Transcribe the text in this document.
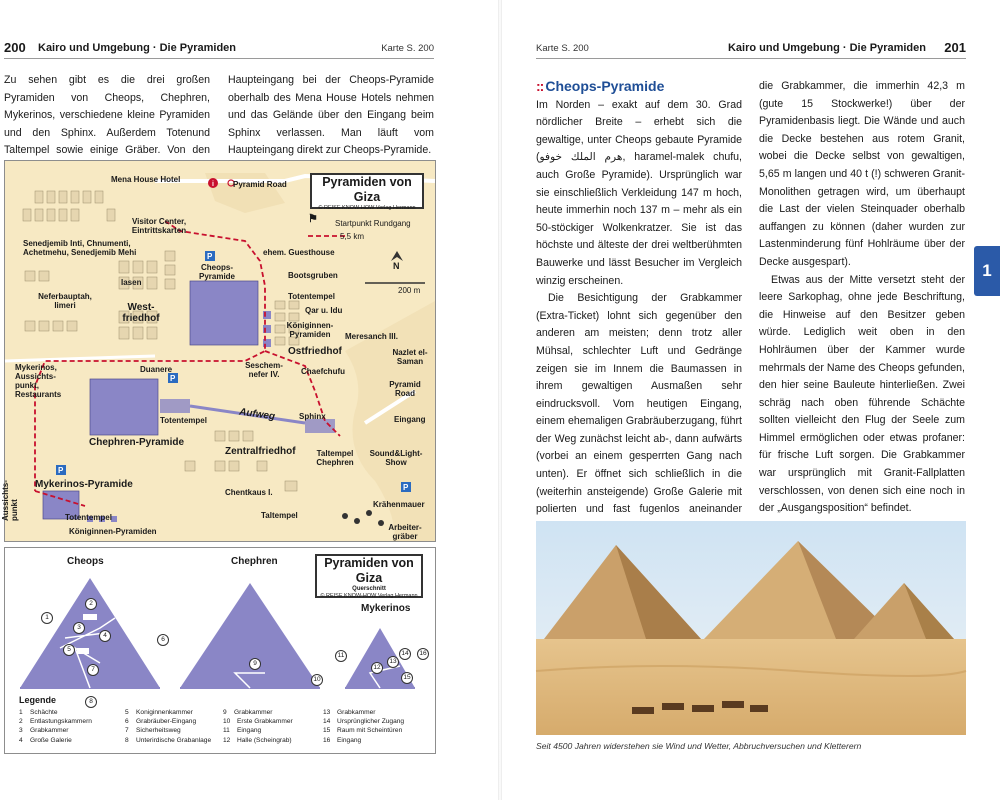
200 Kairo und Umgebung · Die Pyramiden	Karte S. 200

Zu sehen gibt es die drei großen Pyramiden von Cheops, Chephren, Mykerinos, verschiedene kleine Pyramiden und den Sphinx. Außerdem Totenund Taltempel sowie einige Gräber. Von den

Haupteingang bei der Cheops-Pyramide oberhalb des Mena House Hotels nehmen und das Gelände über den Eingang beim Sphinx verlassen. Man läuft vom Haupteingang direkt zur Cheops-Pyramide.

i	Pyramiden von Giza
© REISE KNOW-HOW Verlag Hermann
Startpunkt Rundgang
⚑
5,5 km
N
200 m
Mena House Hotel
Pyramid Road
Visitor Center, Eintrittskarten
Senedjemib Inti, Chnumenti, Achetmehu, Senedjemib Mehi	ehem. Guesthouse
Cheops-Pyramide
Iasen
Bootsgruben
Neferbauptah, Iimeri	West-friedhof
Totentempel
Qar u. Idu
Königinnen-Pyramiden
Ostfriedhof
Meresanch III.
Duanere
Nazlet el-Saman
Mykerinos, Aussichts-punkt, Restaurants
Seschem-nefer IV.	Chaefchufu
Pyramid Road
Aufweg	Sphinx	Eingang
Totentempel
Chephren-Pyramide
Zentralfriedhof	Taltempel Chephren
Sound&Light-Show
Mykerinos-Pyramide
Chentkaus I.
Krähenmauer
Aussichts-punkt	Totentempel	Taltempel
Arbeiter-gräber
Königinnen-Pyramiden
P
P
P
P
Cheops	Chephren
Mykerinos
Pyramiden von Giza
Querschnitt
© REISE KNOW-HOW Verlag Hermann
1
2
3
4
5
6
7
8
9
10
11
12
13
14
15
16
Legende
1	Schächte
2	Entlastungskammern
3	Grabkammer
4	Große Galerie
5	Koniginnenkammer
6	Grabräuber-Eingang
7	Sicherheitsweg
8	Unterirdische Grabanlage
9	Grabkammer
10	Erste Grabkammer
11	Eingang
12	Halle (Scheingrab)
13	Grabkammer
14	Ursprünglicher Zugang
15	Raum mit Scheintüren
16	Eingang
Karte S. 200	Kairo und Umgebung · Die Pyramiden 201

:: Cheops-Pyramide

Im Norden – exakt auf dem 30. Grad nördlicher Breite – erhebt sich die gewaltige, unter Cheops gebaute Pyramide (هرم الملك خوفو, haramel-malek chufu, auch Große Pyramide). Ursprünglich war sie einschließlich Verkleidung 147 m hoch, heute immerhin noch 137 m – mehr als ein 50-stöckiger Wolkenkratzer. Sie ist das höchste und älteste der drei weltberühmten Bauwerke und lässt Besucher im Vergleich winzig erscheinen.

Die Besichtigung der Grabkammer (Extra-Ticket) lohnt sich gegenüber den anderen am meisten; denn trotz aller Mühsal, schlechter Luft und Gedränge zeigen sie im Innem die Baumassen in ihrem gewaltigen Ausmaßen sehr eindrucksvoll. Vom heutigen Eingang, einem ehemaligen Grabräuberzugang, führt der Weg zunächst leicht ab-, dann aufwärts (vorbei an einem gesperrten Gang nach unten). Er öffnet sich schließlich in die (weiterhin ansteigende) Große Galerie mit polierten und fast fugenlos aneinander

die Grabkammer, die immerhin 42,3 m (gute 15 Stockwerke!) über der Pyramidenbasis liegt. Die Wände und auch die Decke bestehen aus rotem Granit, wobei die Decke selbst von gewaltigen, 5,65 m langen und 40 t (!) schweren Granit-Monolithen getragen wird, um überhaupt die Last der vielen Steinquader oberhalb auffangen zu können (daher wurden zur Lastenminderung fünf Hohlräume über der Decke ausgespart).

Etwas aus der Mitte versetzt steht der leere Sarkophag, ohne jede Beschriftung, die Hinweise auf den Besitzer geben würde. Lediglich weit oben in den Hohlräumen über der Kammer wurde mehrmals der Name des Cheops gefunden, den hier seine Bauleute hinterließen. Zwei schräg nach oben führende Schächte sollten vielleicht den Flug der Seele zum Himmel ermöglichen oder etwas profaner: für frische Luft sorgen. Die Grabkammer war ursprünglich mit Granit-Fallplatten verschlossen, von denen sich eine noch in der „Ausgangsposition“ befindet.

1
Seit 4500 Jahren widerstehen sie Wind und Wetter, Abbruchversuchen und Kletterern
